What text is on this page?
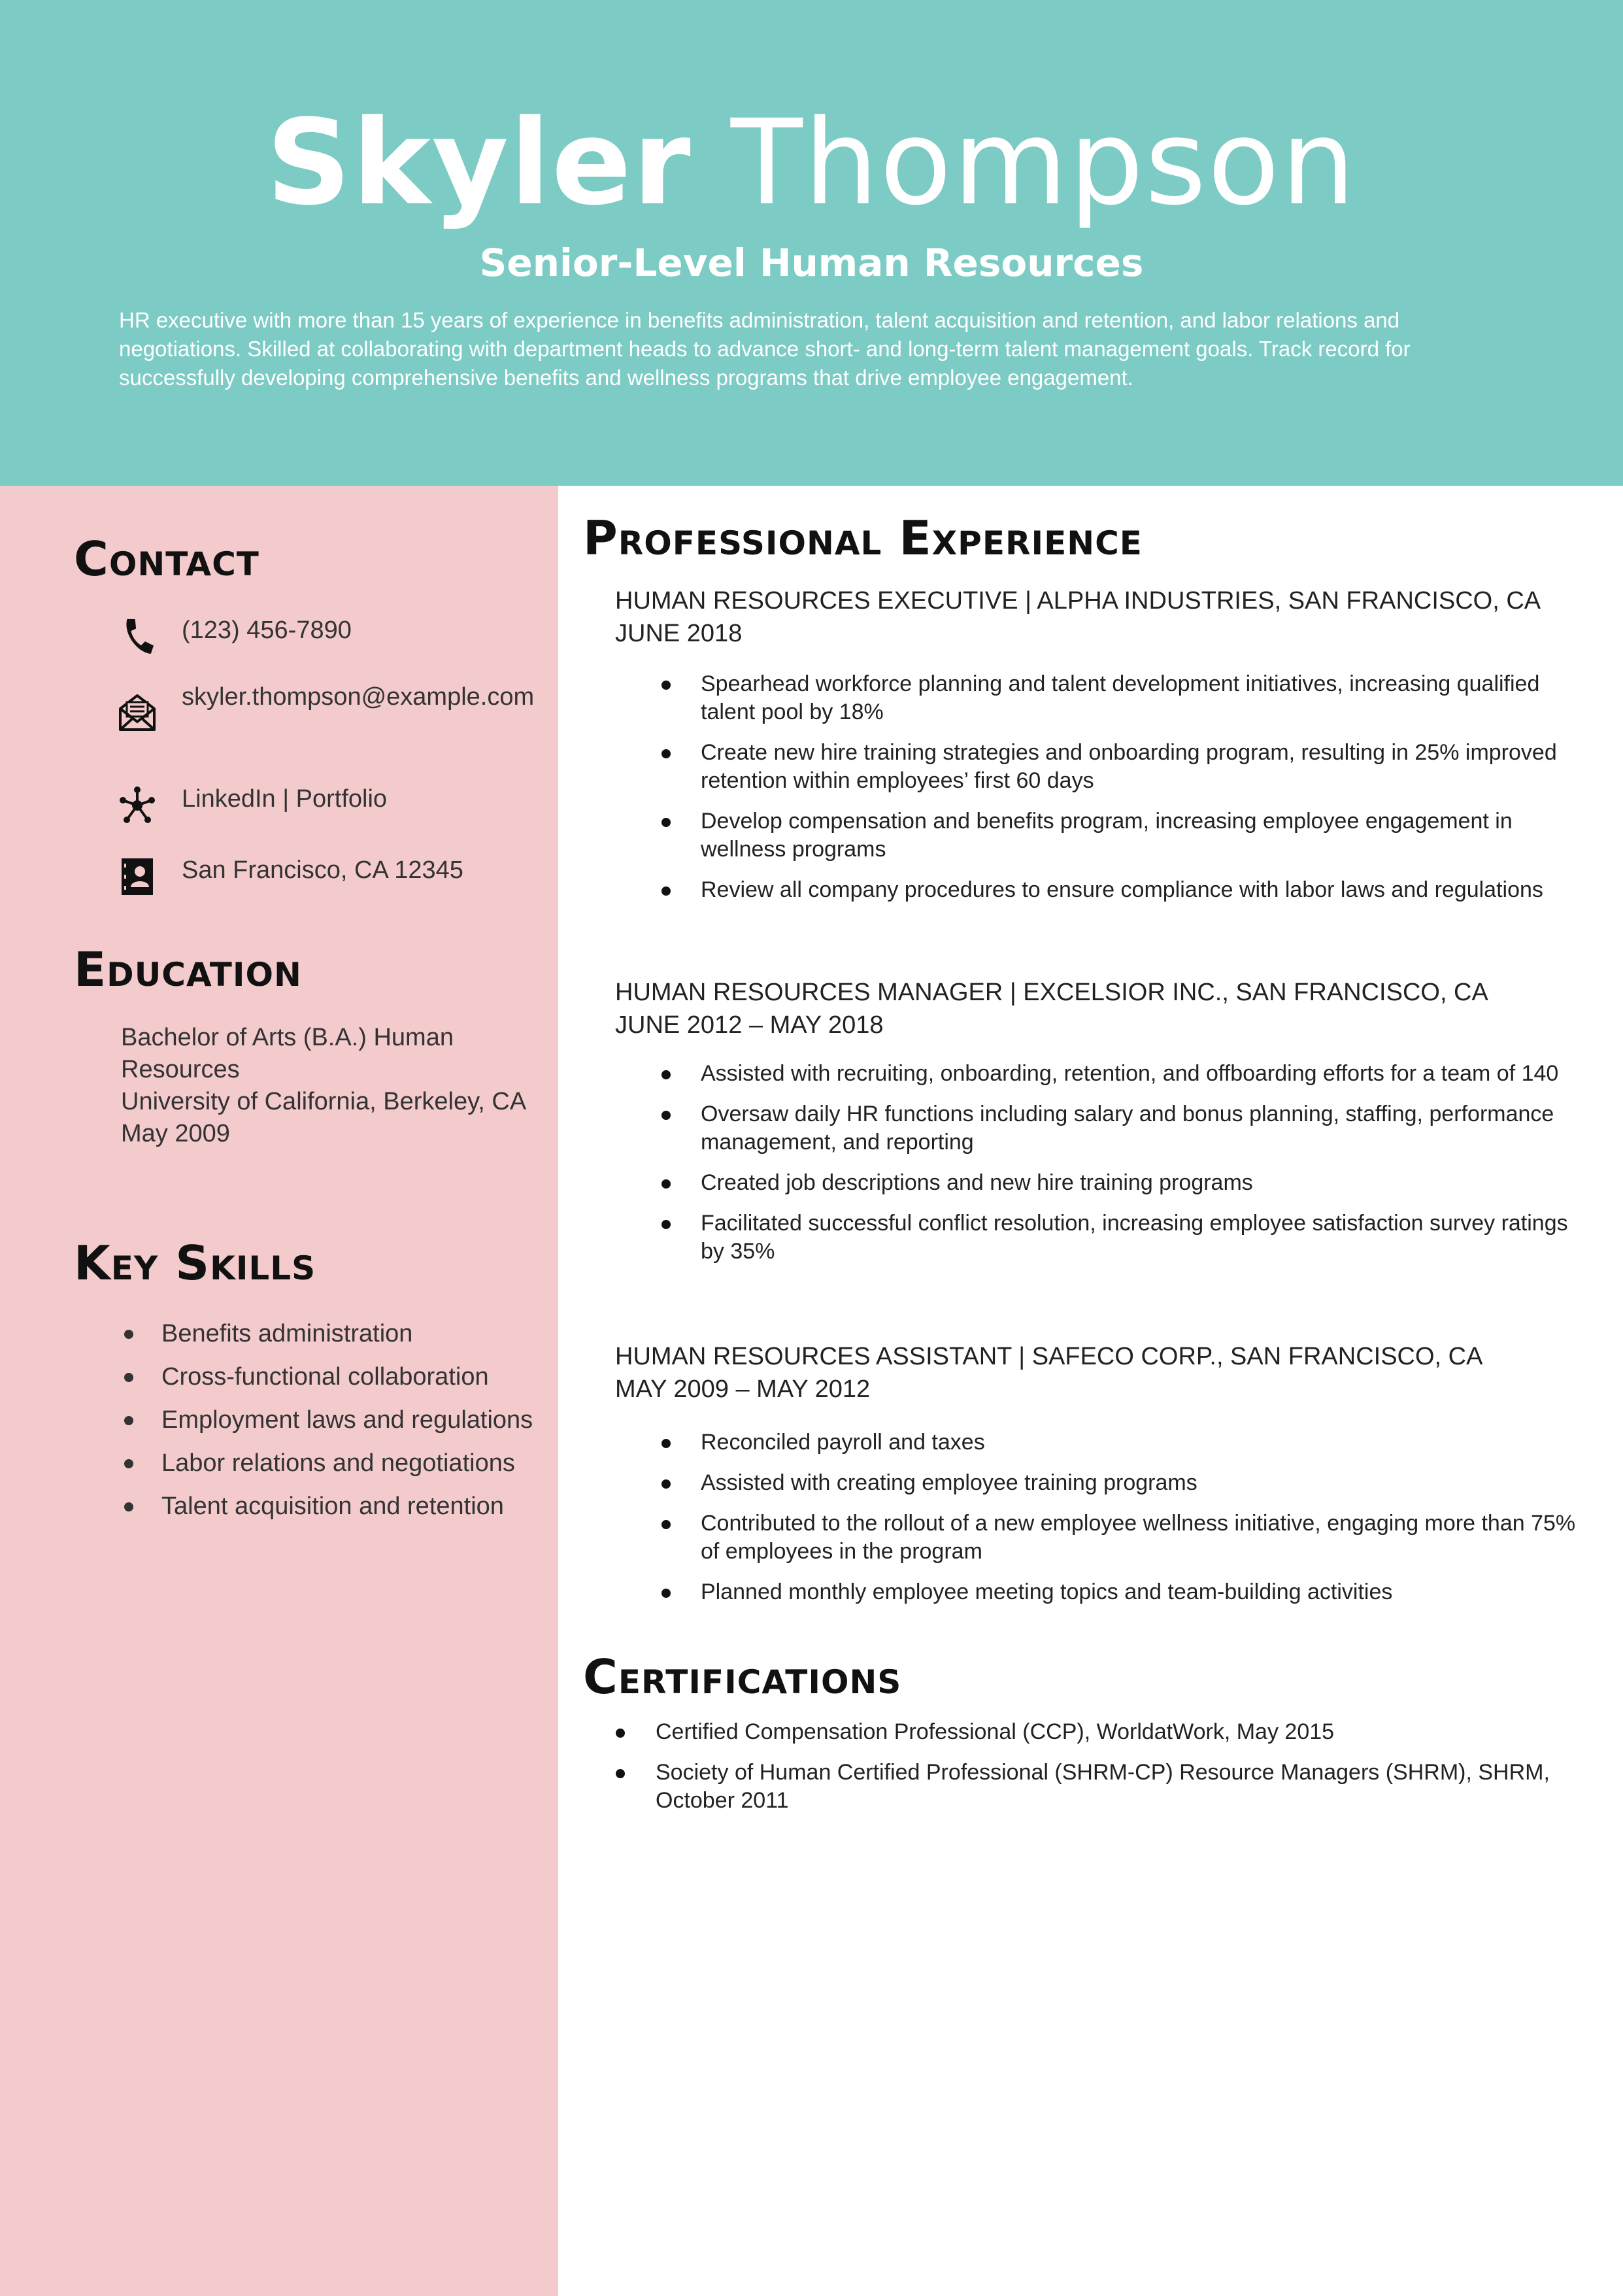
Skyler Thompson
Senior-Level Human Resources
HR executive with more than 15 years of experience in benefits administration, talent acquisition and retention, and labor relations and negotiations. Skilled at collaborating with department heads to advance short- and long-term talent management goals. Track record for successfully developing comprehensive benefits and wellness programs that drive employee engagement.
Contact
(123) 456-7890
skyler.thompson@example.com
LinkedIn | Portfolio
San Francisco, CA 12345
Education
Bachelor of Arts (B.A.) Human Resources
University of California, Berkeley, CA
May 2009
Key Skills
Benefits administration
Cross-functional collaboration
Employment laws and regulations
Labor relations and negotiations
Talent acquisition and retention
Professional Experience
HUMAN RESOURCES EXECUTIVE | ALPHA INDUSTRIES, SAN FRANCISCO, CA
JUNE 2018
Spearhead workforce planning and talent development initiatives, increasing qualified talent pool by 18%
Create new hire training strategies and onboarding program, resulting in 25% improved retention within employees’ first 60 days
Develop compensation and benefits program, increasing employee engagement in wellness programs
Review all company procedures to ensure compliance with labor laws and regulations
HUMAN RESOURCES MANAGER | EXCELSIOR INC., SAN FRANCISCO, CA
JUNE 2012 – MAY 2018
Assisted with recruiting, onboarding, retention, and offboarding efforts for a team of 140
Oversaw daily HR functions including salary and bonus planning, staffing, performance management, and reporting
Created job descriptions and new hire training programs
Facilitated successful conflict resolution, increasing employee satisfaction survey ratings by 35%
HUMAN RESOURCES ASSISTANT | SAFECO CORP., SAN FRANCISCO, CA
MAY 2009 – MAY 2012
Reconciled payroll and taxes
Assisted with creating employee training programs
Contributed to the rollout of a new employee wellness initiative, engaging more than 75% of employees in the program
Planned monthly employee meeting topics and team-building activities
Certifications
Certified Compensation Professional (CCP), WorldatWork, May 2015
Society of Human Certified Professional (SHRM-CP) Resource Managers (SHRM), SHRM, October 2011
